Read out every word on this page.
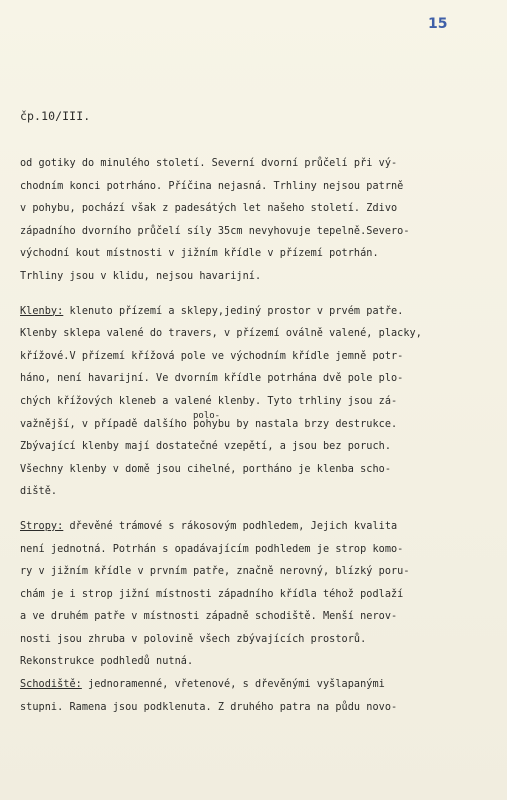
15
čp.10/III.
polo-
od gotiky do minulého století. Severní dvorní průčelí při vý-
chodním konci potrháno. Příčina nejasná. Trhliny nejsou patrně
v pohybu, pochází však z padesátých let našeho století. Zdivo
západního dvorního průčelí síly 35cm nevyhovuje tepelně.Severo-
východní kout místnosti v jižním křídle v přízemí potrhán.
Trhliny jsou v klidu, nejsou havarijní.
Klenby: klenuto přízemí a sklepy,jediný prostor v prvém patře.
Klenby sklepa valené do travers, v přízemí oválně valené, placky,
křížové.V přízemí křížová pole ve východním křídle jemně potr-
háno, není havarijní. Ve dvorním křídle potrhána dvě pole plo-
chých křížových kleneb a valené klenby. Tyto trhliny jsou zá-
važnější, v případě dalšího pohybu by nastala brzy destrukce.
Zbývající klenby mají dostatečné vzepětí, a jsou bez poruch.
Všechny klenby v domě jsou cihelné, portháno je klenba scho-
diště.
Stropy: dřevěné trámové s rákosovým podhledem, Jejich kvalita
není jednotná. Potrhán s opadávajícím podhledem je strop komo-
ry v jižním křídle v prvním patře, značně nerovný, blízký poru-
chám je i strop jižní místnosti západního křídla téhož podlaží
a ve druhém patře v místnosti západně schodiště. Menší nerov-
nosti jsou zhruba v polovině všech zbývajících prostorů.
Rekonstrukce podhledů nutná.
Schodiště: jednoramenné, vřetenové, s dřevěnými vyšlapanými
stupni. Ramena jsou podklenuta. Z druhého patra na půdu novo-
